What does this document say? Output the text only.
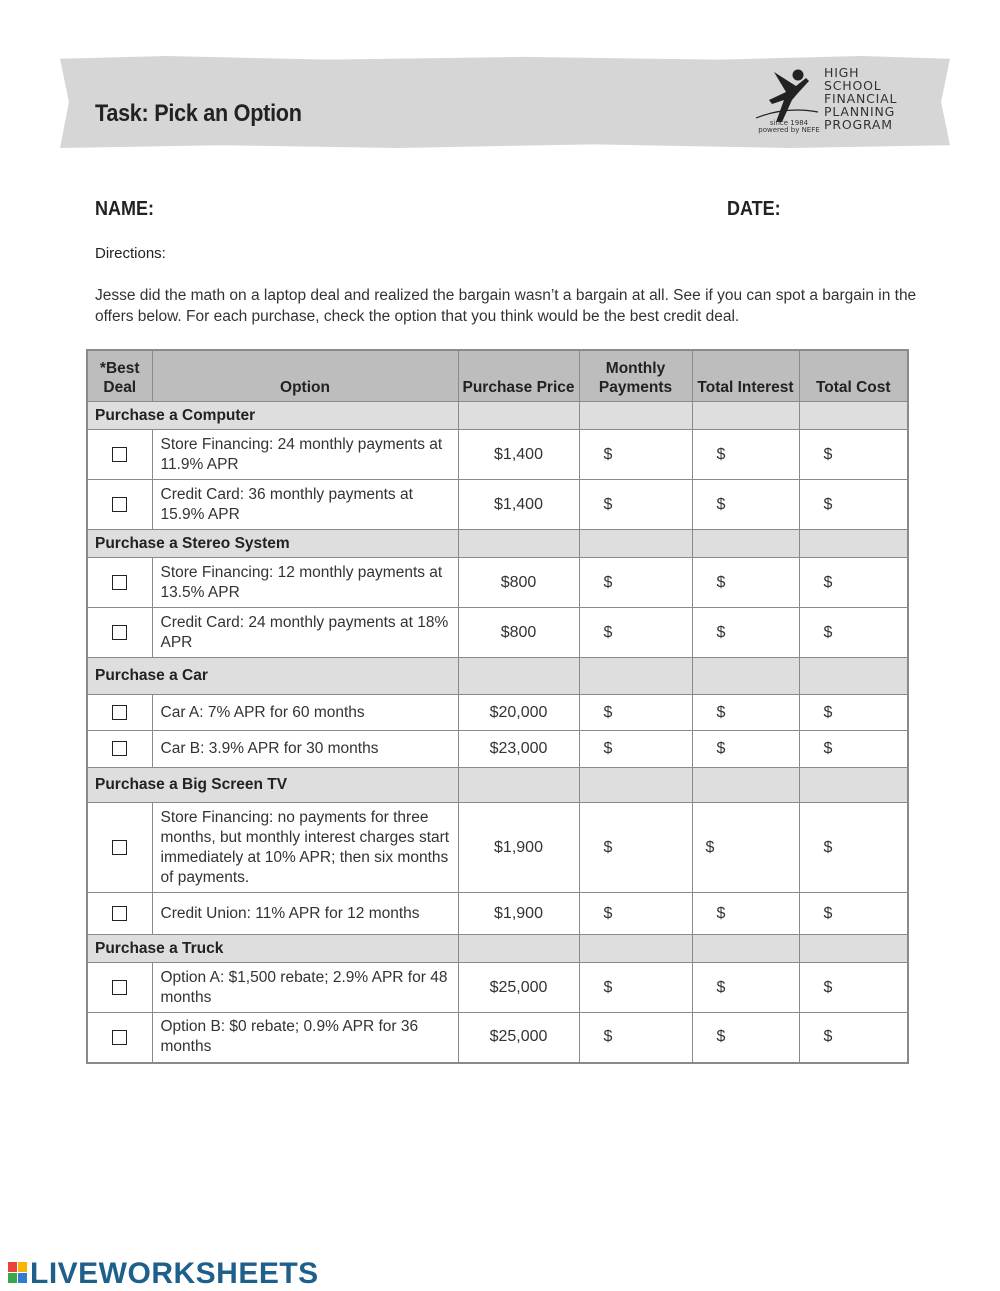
Task: Pick an Option
HIGH
SCHOOL
FINANCIAL
PLANNING
PROGRAM
since 1984
powered by NEFE
NAME:	DATE:
Directions:
Jesse did the math on a laptop deal and realized the bargain wasn’t a bargain at all. See if you can spot a bargain in the offers below. For each purchase, check the option that you think would be the best credit deal.
*Best
Deal	Option	Purchase Price	Monthly
Payments	Total Interest	Total Cost
Purchase a Computer					
	Store Financing: 24 monthly payments at 11.9% APR	$1,400	$	$	$
	Credit Card: 36 monthly payments at 15.9% APR	$1,400	$	$	$
Purchase a Stereo System					
	Store Financing: 12 monthly payments at 13.5% APR	$800	$	$	$
	Credit Card: 24 monthly payments at 18% APR	$800	$	$	$
Purchase a Car					
	Car A: 7% APR for 60 months	$20,000	$	$	$
	Car B: 3.9% APR for 30 months	$23,000	$	$	$
Purchase a Big Screen TV					
	Store Financing: no payments for three months, but monthly interest charges start immediately at 10% APR; then six months of payments.	$1,900	$	$	$
	Credit Union: 11% APR for 12 months	$1,900	$	$	$
Purchase a Truck					
	Option A: $1,500 rebate; 2.9% APR for 48 months	$25,000	$	$	$
	Option B: $0 rebate; 0.9% APR for 36 months	$25,000	$	$	$
LIVEWORKSHEETS
